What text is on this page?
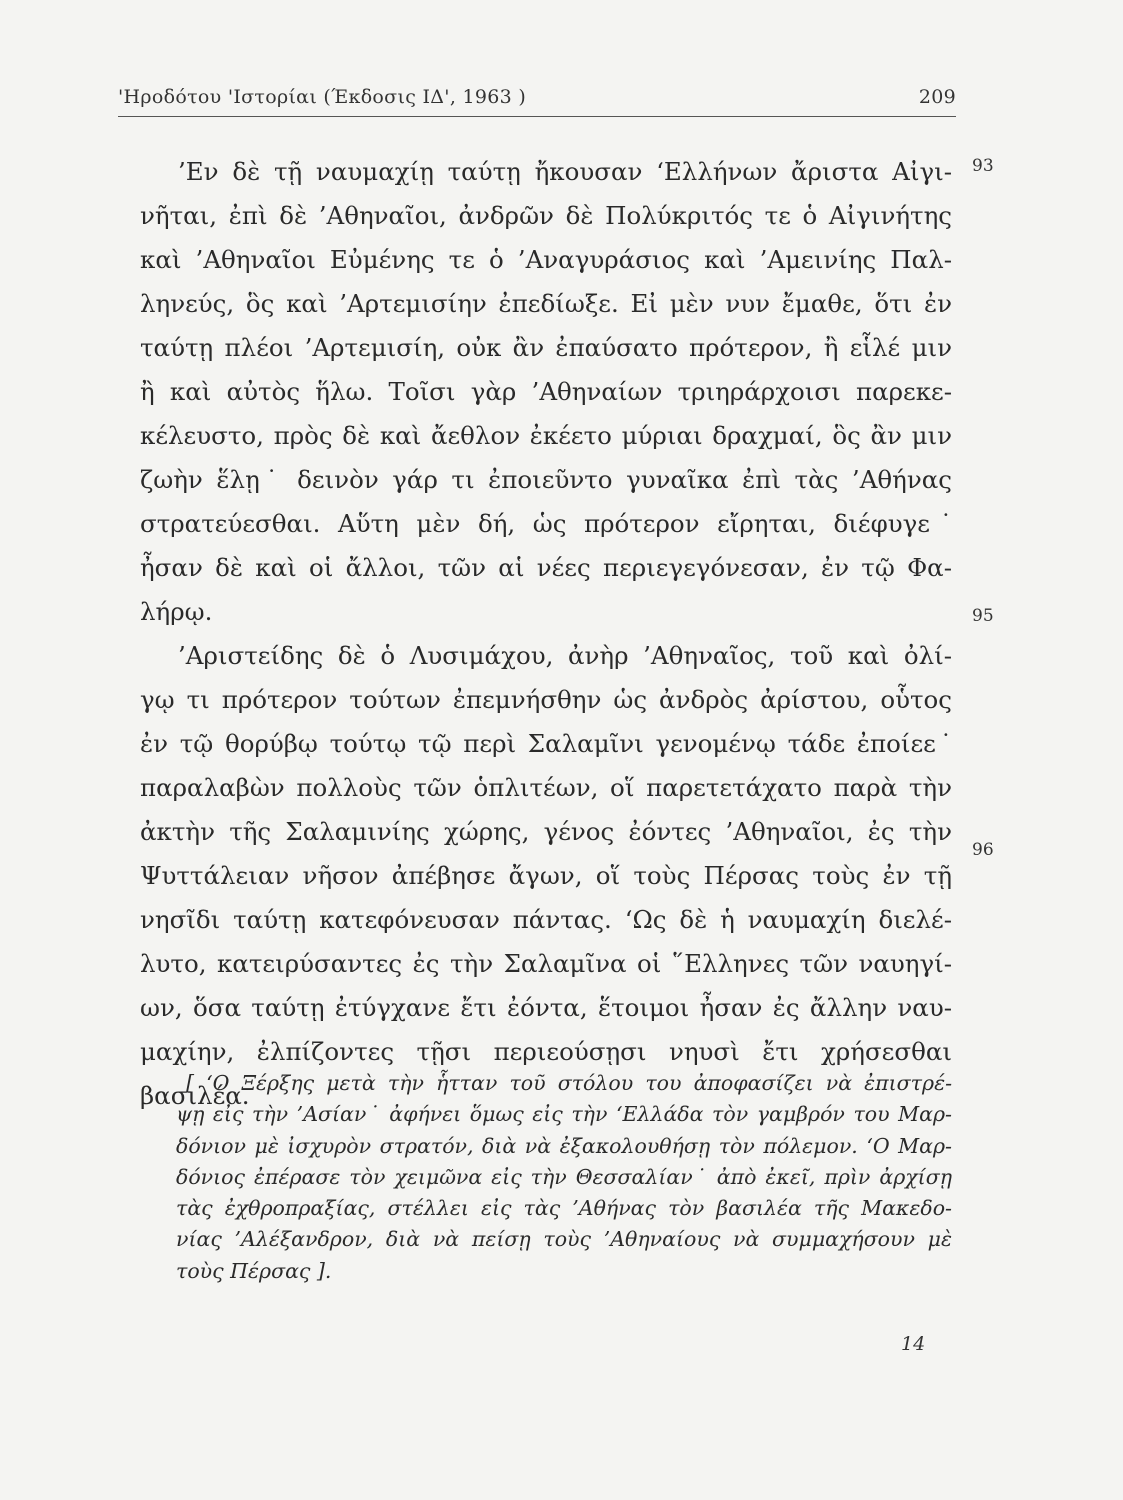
'Ηροδότου 'Ιστορίαι (Έκδοσις ΙΔ', 1963 )	209
’Εν δὲ τῇ ναυμαχίῃ ταύτῃ ἤκουσαν ‘Ελλήνων ἄριστα Αἰγι-
νῆται, ἐπὶ δὲ ’Αθηναῖοι, ἀνδρῶν δὲ Πολύκριτός τε ὁ Αἰγινήτης
καὶ ’Αθηναῖοι Εὐμένης τε ὁ ’Αναγυράσιος καὶ ’Αμεινίης Παλ-
ληνεύς, ὃς καὶ ’Αρτεμισίην ἐπεδίωξε. Εἰ μὲν νυν ἔμαθε, ὅτι ἐν
ταύτῃ πλέοι ’Αρτεμισίη, οὐκ ἂν ἐπαύσατο πρότερον, ἢ εἷλέ μιν
ἢ καὶ αὐτὸς ἥλω. Τοῖσι γὰρ ’Αθηναίων τριηράρχοισι παρεκε-
κέλευστο, πρὸς δὲ καὶ ἄεθλον ἐκέετο μύριαι δραχμαί, ὃς ἂν μιν
ζωὴν ἕλῃ˙ δεινὸν γάρ τι ἐποιεῦντο γυναῖκα ἐπὶ τὰς ’Αθήνας
στρατεύεσθαι. Αὕτη μὲν δή, ὡς πρότερον εἴρηται, διέφυγε˙
ἦσαν δὲ καὶ οἱ ἄλλοι, τῶν αἱ νέες περιεγεγόνεσαν, ἐν τῷ Φα-
λήρῳ.
’Αριστείδης δὲ ὁ Λυσιμάχου, ἀνὴρ ’Αθηναῖος, τοῦ καὶ ὀλί-
γῳ τι πρότερον τούτων ἐπεμνήσθην ὡς ἀνδρὸς ἀρίστου, οὗτος
ἐν τῷ θορύβῳ τούτῳ τῷ περὶ Σαλαμῖνι γενομένῳ τάδε ἐποίεε˙
παραλαβὼν πολλοὺς τῶν ὁπλιτέων, οἵ παρετετάχατο παρὰ τὴν
ἀκτὴν τῆς Σαλαμινίης χώρης, γένος ἐόντες ’Αθηναῖοι, ἐς τὴν
Ψυττάλειαν νῆσον ἀπέβησε ἄγων, οἵ τοὺς Πέρσας τοὺς ἐν τῇ
νησῖδι ταύτῃ κατεφόνευσαν πάντας. ‘Ως δὲ ἡ ναυμαχίη διελέ-
λυτο, κατειρύσαντες ἐς τὴν Σαλαμῖνα οἱ ῞Ελληνες τῶν ναυηγί-
ων, ὅσα ταύτῃ ἐτύγχανε ἔτι ἐόντα, ἕτοιμοι ἦσαν ἐς ἄλλην ναυ-
μαχίην, ἐλπίζοντες τῇσι περιεούσῃσι νηυσὶ ἔτι χρήσεσθαι
βασιλέα.
93
95
96
[ ‘Ο Ξέρξης μετὰ τὴν ἧτταν τοῦ στόλου του ἀποφασίζει νὰ ἐπιστρέ-
ψῃ εἰς τὴν ’Ασίαν˙ ἀφήνει ὅμως εἰς τὴν ‘Ελλάδα τὸν γαμβρόν του Μαρ-
δόνιον μὲ ἰσχυρὸν στρατόν, διὰ νὰ ἐξακολουθήσῃ τὸν πόλεμον. ‘Ο Μαρ-
δόνιος ἐπέρασε τὸν χειμῶνα εἰς τὴν Θεσσαλίαν˙ ἀπὸ ἐκεῖ, πρὶν ἀρχίσῃ
τὰς ἐχθροπραξίας, στέλλει εἰς τὰς ’Αθήνας τὸν βασιλέα τῆς Μακεδο-
νίας ’Αλέξανδρον, διὰ νὰ πείσῃ τοὺς ’Αθηναίους νὰ συμμαχήσουν μὲ
τοὺς Πέρσας ].
14
